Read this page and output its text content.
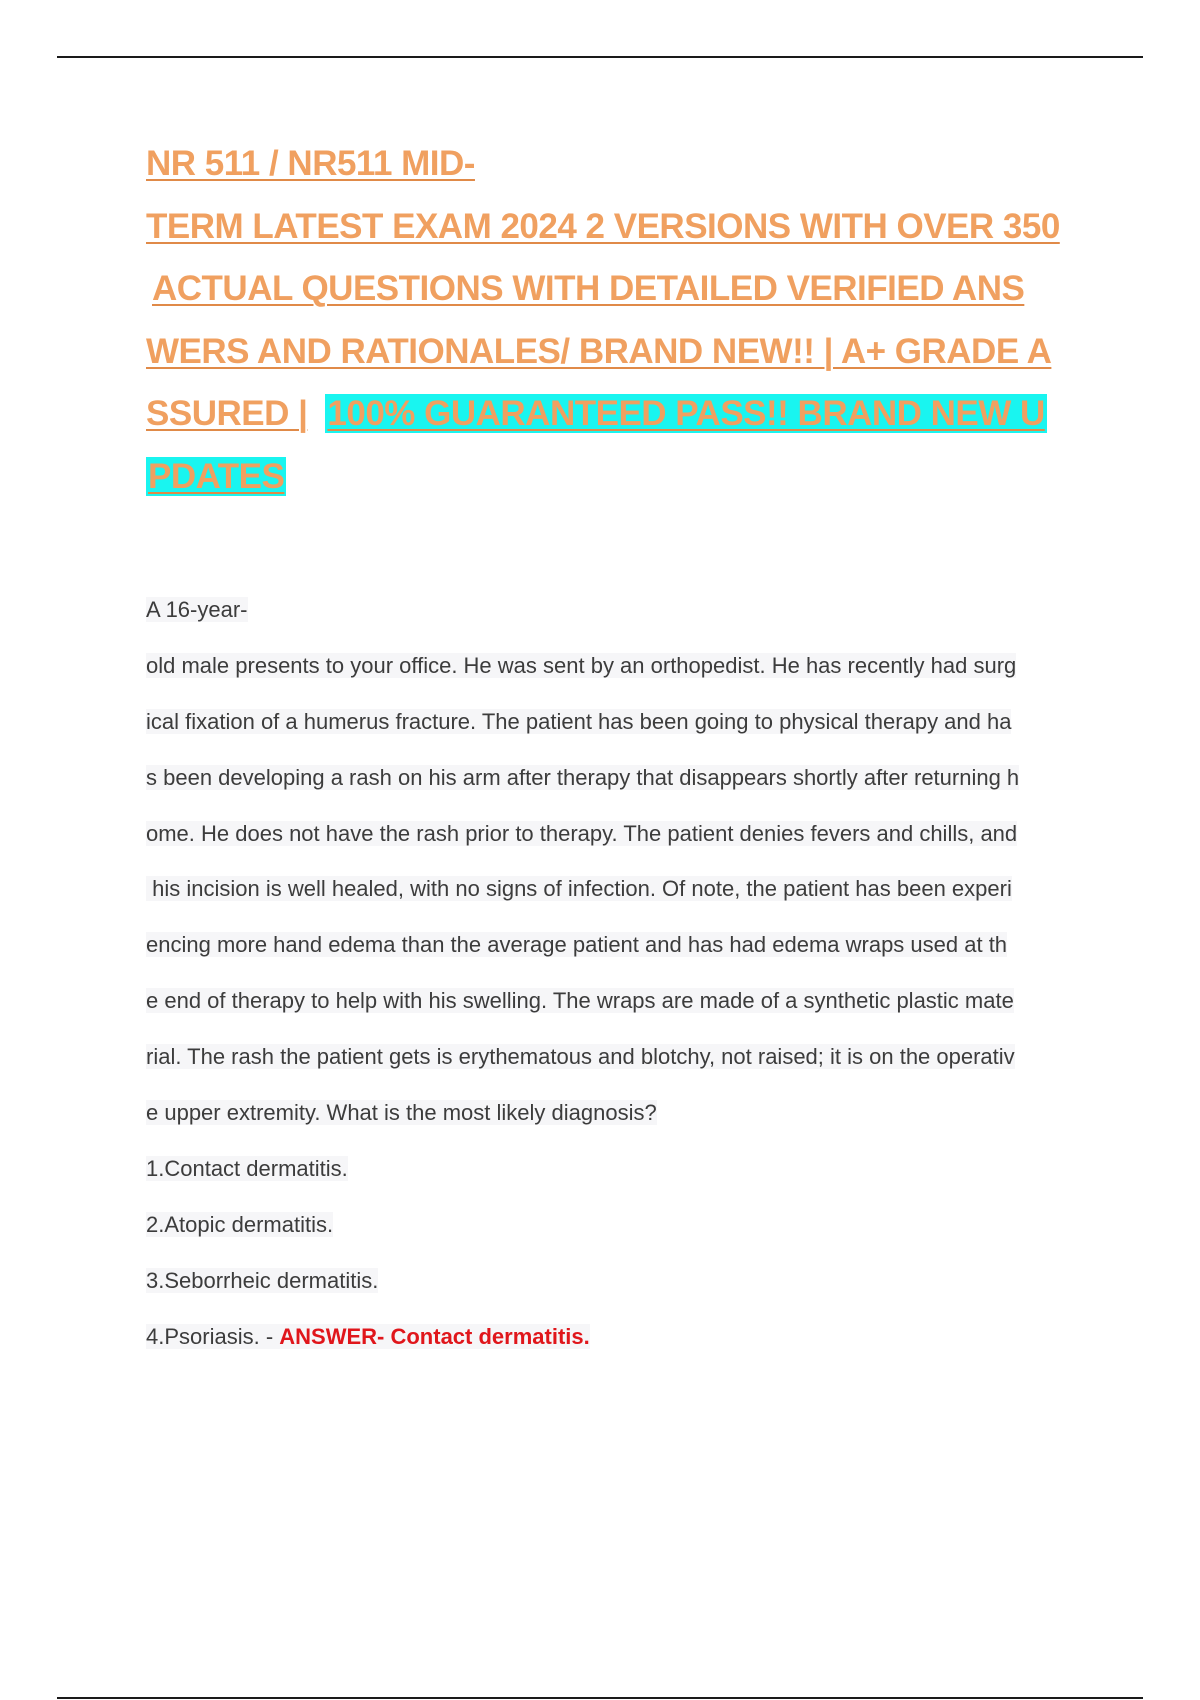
NR 511 / NR511 MID-
TERM LATEST EXAM 2024 2 VERSIONS WITH OVER 350
ACTUAL QUESTIONS WITH DETAILED VERIFIED ANS
WERS AND RATIONALES/ BRAND NEW!! | A+ GRADE A
SSURED | 100% GUARANTEED PASS!! BRAND NEW U
PDATES
A 16-year-
old male presents to your office. He was sent by an orthopedist. He has recently had surg
ical fixation of a humerus fracture. The patient has been going to physical therapy and ha
s been developing a rash on his arm after therapy that disappears shortly after returning h
ome. He does not have the rash prior to therapy. The patient denies fevers and chills, and
his incision is well healed, with no signs of infection. Of note, the patient has been experi
encing more hand edema than the average patient and has had edema wraps used at th
e end of therapy to help with his swelling. The wraps are made of a synthetic plastic mate
rial. The rash the patient gets is erythematous and blotchy, not raised; it is on the operativ
e upper extremity. What is the most likely diagnosis?
1.Contact dermatitis.
2.Atopic dermatitis.
3.Seborrheic dermatitis.
4.Psoriasis. - ANSWER- Contact dermatitis.
